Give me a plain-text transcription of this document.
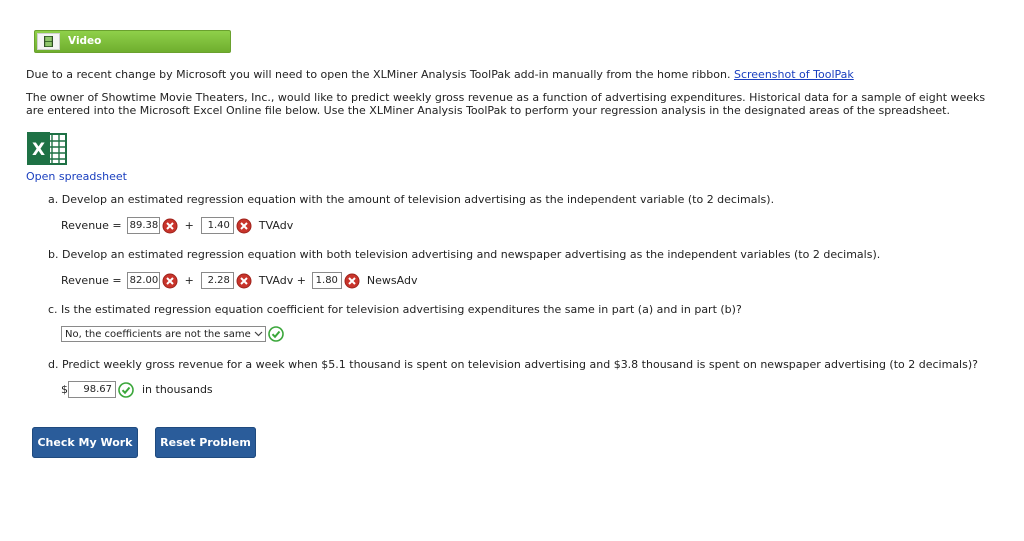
Video
Due to a recent change by Microsoft you will need to open the XLMiner Analysis ToolPak add-in manually from the home ribbon. Screenshot of ToolPak
The owner of Showtime Movie Theaters, Inc., would like to predict weekly gross revenue as a function of advertising expenditures. Historical data for a sample of eight weeks are entered into the Microsoft Excel Online file below. Use the XLMiner Analysis ToolPak to perform your regression analysis in the designated areas of the spreadsheet.
X
Open spreadsheet
a. Develop an estimated regression equation with the amount of television advertising as the independent variable (to 2 decimals).
Revenue = 89.38 +	1.40	TVAdv
b. Develop an estimated regression equation with both television advertising and newspaper advertising as the independent variables (to 2 decimals).
Revenue = 82.00 +	2.28	TVAdv + 1.80	NewsAdv
c. Is the estimated regression equation coefficient for television advertising expenditures the same in part (a) and in part (b)?
No, the coefficients are not the same
d. Predict weekly gross revenue for a week when $5.1 thousand is spent on television advertising and $3.8 thousand is spent on newspaper advertising (to 2 decimals)?
$	98.67	in thousands
Check My Work	Reset Problem
